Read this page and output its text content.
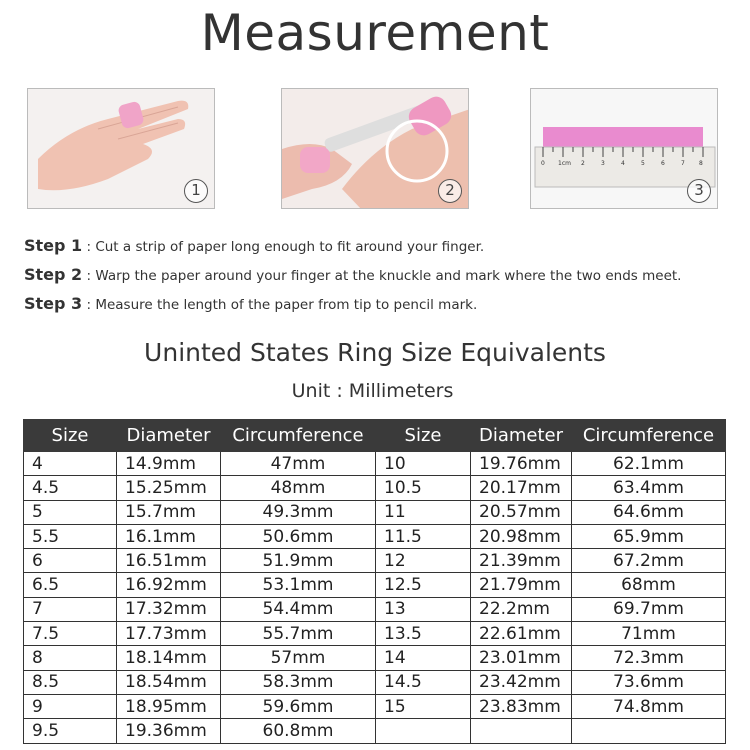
Measurement
1	2
0 1cm 2	3	4	5	6	7 8
3
Step 1 : Cut a strip of paper long enough to fit around your finger.
Step 2 : Warp the paper around your finger at the knuckle and mark where the two ends meet.
Step 3 : Measure the length of the paper from tip to pencil mark.
Uninted States Ring Size Equivalents
Unit : Millimeters
Size	Diameter	Circumference	Size	Diameter	Circumference
4	14.9mm	47mm	10	19.76mm	62.1mm
4.5	15.25mm	48mm	10.5	20.17mm	63.4mm
5	15.7mm	49.3mm	11	20.57mm	64.6mm
5.5	16.1mm	50.6mm	11.5	20.98mm	65.9mm
6	16.51mm	51.9mm	12	21.39mm	67.2mm
6.5	16.92mm	53.1mm	12.5	21.79mm	68mm
7	17.32mm	54.4mm	13	22.2mm	69.7mm
7.5	17.73mm	55.7mm	13.5	22.61mm	71mm
8	18.14mm	57mm	14	23.01mm	72.3mm
8.5	18.54mm	58.3mm	14.5	23.42mm	73.6mm
9	18.95mm	59.6mm	15	23.83mm	74.8mm
9.5	19.36mm	60.8mm			
